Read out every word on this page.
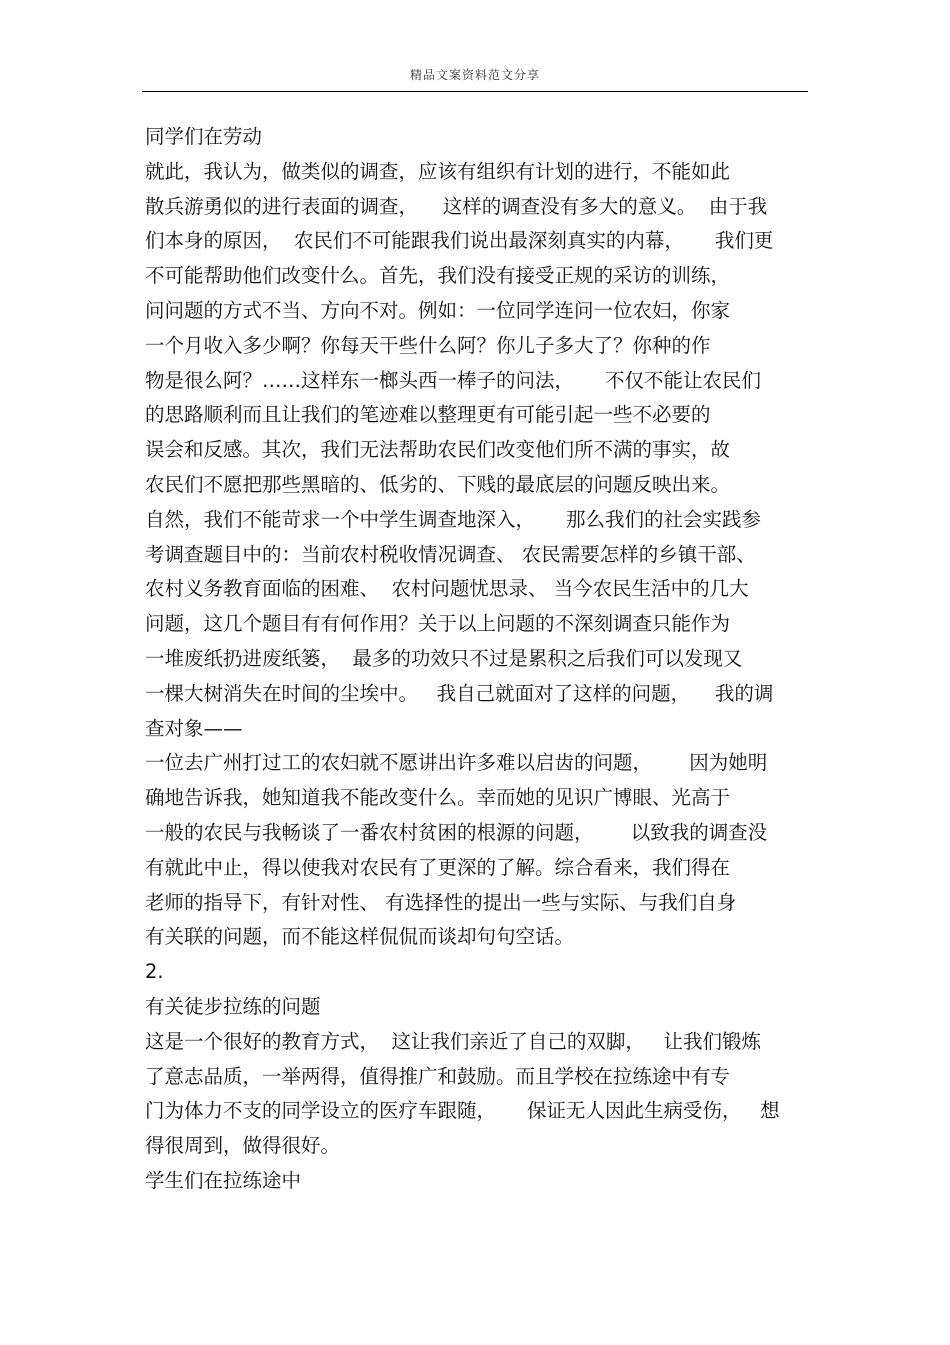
精品文案资料范文分享
同学们在劳动
就此，我认为，做类似的调查，应该有组织有计划的进行，不能如此
散兵游勇似的进行表面的调查，    这样的调查没有多大的意义。  由于我
们本身的原因，  农民们不可能跟我们说出最深刻真实的内幕，     我们更
不可能帮助他们改变什么。首先，我们没有接受正规的采访的训练，
问问题的方式不当、方向不对。例如：一位同学连问一位农妇，你家
一个月收入多少啊？你每天干些什么阿？你儿子多大了？你种的作
物是很么阿？……这样东一榔头西一棒子的问法，     不仅不能让农民们
的思路顺利而且让我们的笔迹难以整理更有可能引起一些不必要的
误会和反感。其次，我们无法帮助农民们改变他们所不满的事实，故
农民们不愿把那些黑暗的、低劣的、下贱的最底层的问题反映出来。
自然，我们不能苛求一个中学生调查地深入，     那么我们的社会实践参
考调查题目中的：当前农村税收情况调查、 农民需要怎样的乡镇干部、
农村义务教育面临的困难、  农村问题忧思录、 当今农民生活中的几大
问题，这几个题目有有何作用？关于以上问题的不深刻调查只能作为
一堆废纸扔进废纸篓，  最多的功效只不过是累积之后我们可以发现又
一棵大树消失在时间的尘埃中。   我自己就面对了这样的问题，    我的调
查对象——
一位去广州打过工的农妇就不愿讲出许多难以启齿的问题，      因为她明
确地告诉我，她知道我不能改变什么。幸而她的见识广博眼、光高于
一般的农民与我畅谈了一番农村贫困的根源的问题，      以致我的调查没
有就此中止，得以使我对农民有了更深的了解。综合看来，我们得在
老师的指导下，有针对性、 有选择性的提出一些与实际、与我们自身
有关联的问题，而不能这样侃侃而谈却句句空话。
2.
有关徒步拉练的问题
这是一个很好的教育方式，  这让我们亲近了自己的双脚，   让我们锻炼
了意志品质，一举两得，值得推广和鼓励。而且学校在拉练途中有专
门为体力不支的同学设立的医疗车跟随，     保证无人因此生病受伤，   想
得很周到，做得很好。
学生们在拉练途中
